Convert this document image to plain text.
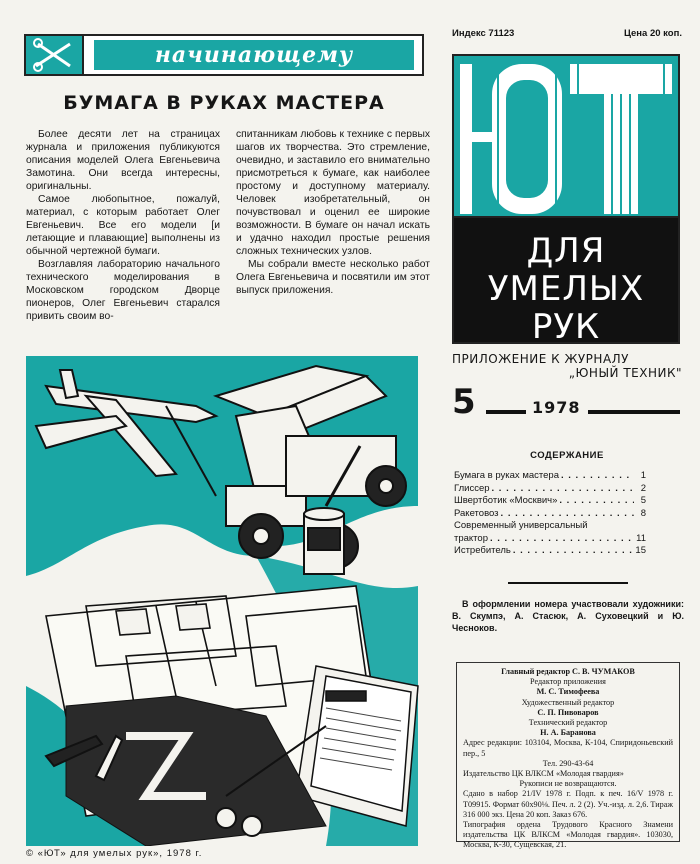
начинающему
БУМАГА В РУКАХ МАСТЕРА

Более десяти лет на страницах журнала и приложения публикуются описания моделей Олега Евгеньевича Замотина. Они всегда интересны, оригинальны.

Самое любопытное, пожалуй, материал, с которым работает Олег Евгеньевич. Все его модели [и летающие и плавающие] выполнены из обычной чертежной бумаги.

Возглавляя лабораторию начального технического моделирования в Московском городском Дворце пионеров, Олег Евгеньевич старался привить своим во-

спитанникам любовь к технике с первых шагов их творчества. Это стремление, очевидно, и заставило его внимательно присмотреться к бумаге, как наиболее простому и доступному материалу. Человек изобретательный, он почувствовал и оценил ее широкие возможности. В бумаге он начал искать и удачно находил простые решения сложных технических узлов.

Мы собрали вместе несколько работ Олега Евгеньевича и посвятили им этот выпуск приложения.

© «ЮТ» для умелых рук», 1978 г.
Индекс 71123	Цена 20 коп.
ДЛЯ
УМЕЛЫХ
РУК
ПРИЛОЖЕНИЕ К ЖУРНАЛУ
„ЮНЫЙ ТЕХНИК"
5	1978
СОДЕРЖАНИЕ
Бумага в руках мастера . . .	1
Глиссер . . .	2
Швертботик «Москвич» . . .	5
Ракетовоз . . .	8
Современный универсальный
трактор . . .	11
Истребитель . . .	15
В оформлении номера участвовали художники: В. Скумпэ, А. Стасюк, А. Суховецкий и Ю. Чесноков.
Главный редактор С. В. ЧУМАКОВ
Редактор приложения
М. С. Тимофеева
Художественный редактор
С. П. Пивоваров
Технический редактор
Н. А. Баранова
Адрес редакции: 103104, Москва, К-104, Спиридоньевский пер., 5
Тел. 290-43-64
Издательство ЦК ВЛКСМ «Молодая гвардия»
Рукописи не возвращаются.
Сдано в набор 21/IV 1978 г. Подп. к печ. 16/V 1978 г. Т09915. Формат 60х90⅛. Печ. л. 2 (2). Уч.-изд. л. 2,6. Тираж 316 000 экз. Цена 20 коп. Заказ 676.
Типография ордена Трудового Красного Знамени издательства ЦК ВЛКСМ «Молодая гвардия». 103030, Москва, К-30, Сущевская, 21.
